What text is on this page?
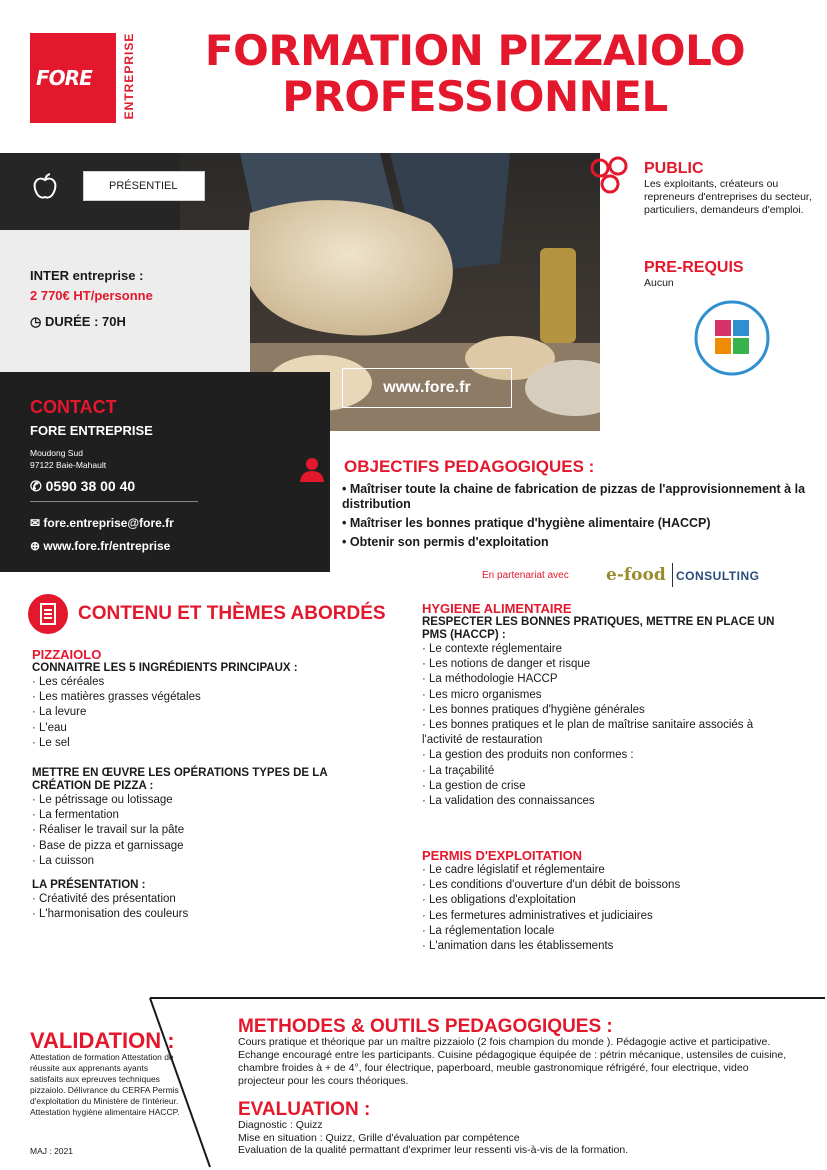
FORE	ENTREPRISE	FORMATION PIZZAIOLO
PROFESSIONNEL
PRÉSENTIEL
INTER entreprise :
2 770€ HT/personne
◷ DURÉE : 70H
www.fore.fr
CONTACT
FORE ENTREPRISE
Moudong Sud
97122 Baie-Mahault
✆ 0590 38 00 40
✉ fore.entreprise@fore.fr
⊕ www.fore.fr/entreprise
PUBLIC
Les exploitants, créateurs ou repreneurs d'entreprises du secteur, particuliers, demandeurs d'emploi.
PRE-REQUIS
Aucun
OBJECTIFS PEDAGOGIQUES :
• Maîtriser toute la chaine de fabrication de pizzas de l'approvisionnement à la distribution
• Maîtriser les bonnes pratique d'hygiène alimentaire (HACCP)
• Obtenir son permis d'exploitation
En partenariat avec e-food CONSULTING
CONTENU ET THÈMES ABORDÉS
PIZZAIOLO
CONNAITRE LES 5 INGRÉDIENTS PRINCIPAUX :
· Les céréales
· Les matières grasses végétales
· La levure
· L'eau
· Le sel
METTRE EN ŒUVRE LES OPÉRATIONS TYPES DE LA CRÉATION DE PIZZA :
· Le pétrissage ou lotissage
· La fermentation
· Réaliser le travail sur la pâte
· Base de pizza et garnissage
· La cuisson
LA PRÉSENTATION :
· Créativité des présentation
· L'harmonisation des couleurs
HYGIENE ALIMENTAIRE
RESPECTER LES BONNES PRATIQUES, METTRE EN PLACE UN PMS (HACCP) :
· Le contexte réglementaire
· Les notions de danger et risque
· La méthodologie HACCP
· Les micro organismes
· Les bonnes pratiques d'hygiène générales
· Les bonnes pratiques et le plan de maîtrise sanitaire associés à l'activité de restauration
· La gestion des produits non conformes :
· La traçabilité
· La gestion de crise
· La validation des connaissances
PERMIS D'EXPLOITATION
· Le cadre législatif et réglementaire
· Les conditions d'ouverture d'un débit de boissons
· Les obligations d'exploitation
· Les fermetures administratives et judiciaires
· La réglementation locale
· L'animation dans les établissements
VALIDATION :
Attestation de formation Attestation de réussite aux apprenants ayants satisfaits aux epreuves techniques pizzaiolo. Délivrance du CERFA Permis d'exploitation du Ministère de l'intérieur. Attestation hygiène alimentaire HACCP.
MAJ : 2021
METHODES & OUTILS PEDAGOGIQUES :
Cours pratique et théorique par un maître pizzaiolo (2 fois champion du monde ). Pédagogie active et participative. Echange encouragé entre les participants. Cuisine pédagogique équipée de : pétrin mécanique, ustensiles de cuisine, chambre froides à + de 4°, four électrique, paperboard, meuble gastronomique réfrigéré, four electrique, video projecteur pour les cours théoriques.
EVALUATION :
Diagnostic : Quizz
Mise en situation : Quizz, Grille d'évaluation par compétence
Evaluation de la qualité permattant d'exprimer leur ressenti vis-à-vis de la formation.
